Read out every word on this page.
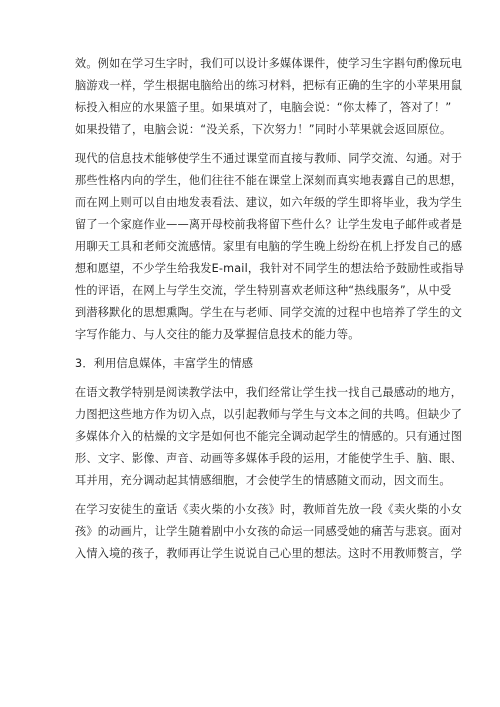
效。例如在学习生字时，我们可以设计多媒体课件，使学习生字斟句酌像玩电
脑游戏一样，学生根据电脑给出的练习材料，把标有正确的生字的小苹果用鼠
标投入相应的水果篮子里。如果填对了，电脑会说：“你太棒了，答对了！”
如果投错了，电脑会说：“没关系，下次努力！”同时小苹果就会返回原位。
现代的信息技术能够使学生不通过课堂而直接与教师、同学交流、勾通。对于
那些性格内向的学生，他们往往不能在课堂上深刻而真实地表露自己的思想，
而在网上则可以自由地发表看法、建议，如六年级的学生即将毕业，我为学生
留了一个家庭作业——离开母校前我将留下些什么？让学生发电子邮件或者是
用聊天工具和老师交流感情。家里有电脑的学生晚上纷纷在机上抒发自己的感
想和愿望，不少学生给我发E-mail，我针对不同学生的想法给予鼓励性或指导
性的评语，在网上与学生交流，学生特别喜欢老师这种“热线服务”，从中受
到潜移默化的思想熏陶。学生在与老师、同学交流的过程中也培养了学生的文
字写作能力、与人交往的能力及掌握信息技术的能力等。
3．利用信息媒体，丰富学生的情感
在语文教学特别是阅读教学法中，我们经常让学生找一找自己最感动的地方，
力图把这些地方作为切入点，以引起教师与学生与文本之间的共鸣。但缺少了
多媒体介入的枯燥的文字是如何也不能完全调动起学生的情感的。只有通过图
形、文字、影像、声音、动画等多媒体手段的运用，才能使学生手、脑、眼、
耳并用，充分调动起其情感细胞，才会使学生的情感随文而动，因文而生。
在学习安徒生的童话《卖火柴的小女孩》时，教师首先放一段《卖火柴的小女
孩》的动画片，让学生随着剧中小女孩的命运一同感受她的痛苦与悲哀。面对
入情入境的孩子，教师再让学生说说自己心里的想法。这时不用教师赘言，学
